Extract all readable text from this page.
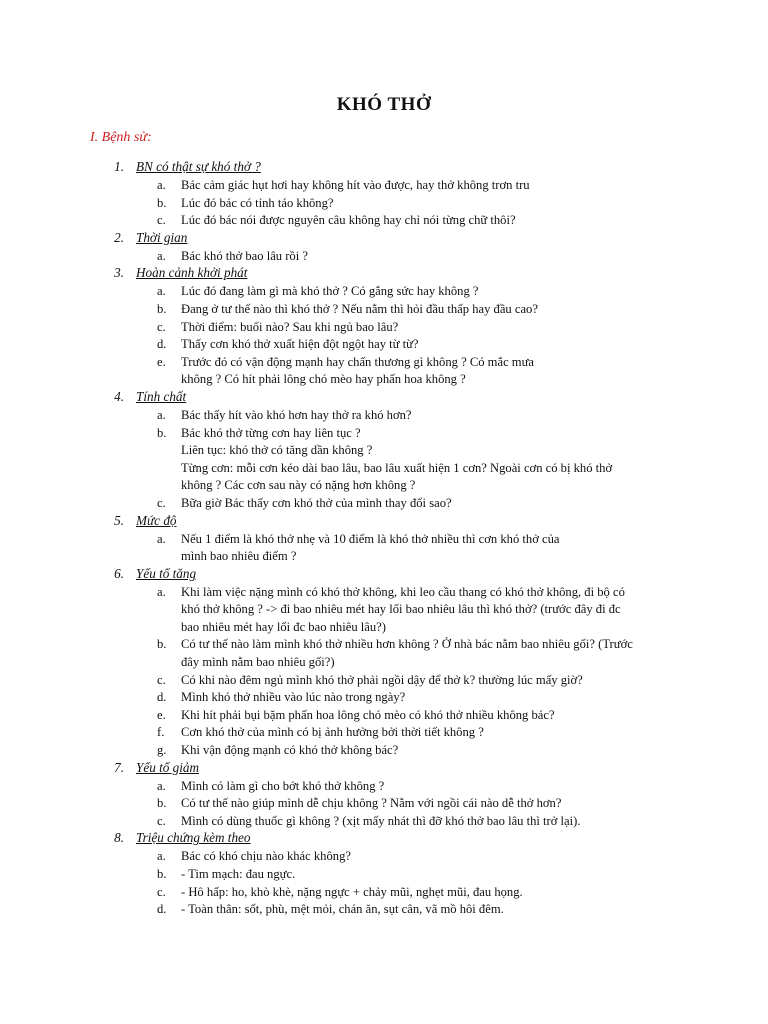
KHÓ THỞ
I. Bệnh sử:
1. BN có thật sự khó thở ?
a.	Bác cảm giác hụt hơi hay không hít vào được, hay thở không trơn tru
b.	Lúc đó bác có tỉnh táo không?
c.	Lúc đó bác nói được nguyên câu không hay chỉ nói từng chữ thôi?
2. Thời gian
a.	Bác khó thở bao lâu rồi ?
3. Hoàn cảnh khởi phát
a.	Lúc đó đang làm gì mà khó thở ? Có gắng sức hay không ?
b.	Đang ở tư thế nào thì khó thở ? Nếu nằm thì hỏi đầu thấp hay đầu cao?
c.	Thời điểm: buổi nào? Sau khi ngủ bao lâu?
d.	Thấy cơn khó thở xuất hiện đột ngột hay từ từ?
e.	Trước đó có vận động mạnh hay chấn thương gì không ? Có mắc mưa
không ? Có hít phải lông chó mèo hay phấn hoa không ?
4. Tính chất
a.	Bác thấy hít vào khó hơn hay thở ra khó hơn?
b.	Bác khó thở từng cơn hay liên tục ?
Liên tục: khó thở có tăng dần không ?
Từng cơn: mỗi cơn kéo dài bao lâu, bao lâu xuất hiện 1 cơn? Ngoài cơn có bị khó thở
không ? Các cơn sau này có nặng hơn không ?
c.	Bữa giờ Bác thấy cơn khó thở của mình thay đổi sao?
5. Mức độ
a.	Nếu 1 điểm là khó thở nhẹ và 10 điểm là khó thở nhiều thì cơn khó thở của
mình bao nhiêu điểm ?
6. Yếu tố tăng
a.	Khi làm việc nặng mình có khó thở không, khi leo cầu thang có khó thở không, đi bộ có
khó thở không ? -> đi bao nhiêu mét hay lối bao nhiêu lâu thì khó thở? (trước đây đi đc
bao nhiêu mét hay lối đc bao nhiêu lâu?)
b.	Có tư thế nào làm mình khó thở nhiều hơn không ? Ở nhà bác nằm bao nhiêu gối? (Trước
đây mình nằm bao nhiêu gối?)
c.	Có khi nào đêm ngủ mình khó thở phải ngồi dậy để thở k? thường lúc mấy giờ?
d.	Mình khó thở nhiều vào lúc nào trong ngày?
e.	Khi hít phải bụi bặm phấn hoa lông chó mèo có khó thở nhiều không bác?
f.	Cơn khó thở của mình có bị ảnh hưởng bởi thời tiết không ?
g.	Khi vận động mạnh có khó thở không bác?
7. Yếu tố giảm
a.	Mình có làm gì cho bớt khó thở không ?
b.	Có tư thế nào giúp mình dễ chịu không ? Nằm với ngồi cái nào dễ thở hơn?
c.	Mình có dùng thuốc gì không ? (xịt mấy nhát thì đỡ khó thở bao lâu thì trở lại).
8. Triệu chứng kèm theo
a.	Bác có khó chịu nào khác không?
b.	- Tim mạch: đau ngực.
c.	- Hô hấp: ho, khò khè, nặng ngực + chảy mũi, nghẹt mũi, đau họng.
d.	- Toàn thân: sốt, phù, mệt mỏi, chán ăn, sụt cân, vã mồ hôi đêm.
